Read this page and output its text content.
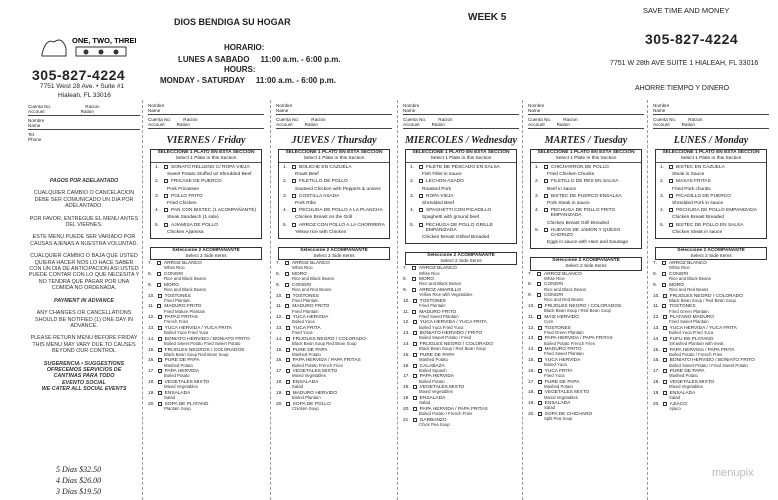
ONE, TWO, THREE
305-827-4224
7751 West 28 Ave. • Suite #1
Hialeah, FL 33016
DIOS BENDIGA SU HOGAR
HORARIO:
LUNES A SABADO     11:00 a.m. - 6:00 p.m.
HOURS:
MONDAY - SATURDAY     11:00 a.m. - 6:00 p.m.
WEEK 5
SAVE TIME AND MONEY
305-827-4224
7751 W 28th AVE SUITE 1 HIALEAH, FL 33016
AHORRE TIEMPO Y DINERO
Cuenta No.	Racion
Account	Ration
Nombre
Name
Tel.
Phone
PAGOS POR ADELANTADO
CUALQUIER CAMBIO O CANCELACION DEBE SER COMUNICADO UN DIA POR ADELANTADO.
POR FAVOR, ENTREGUE EL MENU ANTES DEL VIERNES.
ESTE MENU PUEDE SER VARIADO POR CAUSAS AJENAS A NUESTRA VOLUNTAD.
CUALQUIER CAMBIO O BAJA QUE USTED QUIERA HACER NOS LO HACE SABER CON UN DIA DE ANTICIPACION ASI USTED PUEDE CONTAR CON LO QUE NECESITA Y NO TENDRA QUE PAGAR POR UNA COMIDA NO ORDENADA.
PAYMENT IN ADVANCE
ANY CHANGES OR CANCELLATIONS SHOULD BE NOTIFIED (1) ONE DAY IN ADVANCE.
PLEASE RETURN MENU BEFORE FRIDAY THIS MENU MAY VARY DUE TO CAUSES BEYOND OUR CONTROL
SUGERENCIA • SUGGESTIONS
OFRECEMOS SERVICIOS DE
CANTINAS PARA TODO
EVENTO SOCIAL
WE CATER ALL SOCIAL EVENTS
5 Dias $32.50
4 Dias $26.00
3 Dias $19.50
Nombre
Name
Cuenta No.	Racion
Account	Ration
VIERNES / Friday
SELECCIONE 1 PLATO EN ESTA SECCION
Select 1 Plate in this Section
1.	SONATO RELLENO C/ ROPA VIEJA
Sweet Potato Stuffed w/ Shredded Beef
2.	FRICASE DE PUERCO
Pork Fricassee
3.	POLLO FRITO
Fried Chicken
4.	PAN CON BISTEC (1 ACOMPAÑANTE)
Steak Sandwich (1 side)
5.	AJIAMISA DE POLLO
Chicken Ajiamisa
Seleccione 2 ACOMPAÑANTE
Select 2 Side Items
7.	ARROZ BLANCO
White Rice
8.	CONGRI
Rice and Black Beans
9.	MORO
Rice and Black Beans
10. TOSTONES
Fried Plantain
11. MADURO FRITO
Fried Mature Plantain
12. PAPAS FRITAS
French Fries
13. YUCA HERVIDA / YUCA FRITA
Boiled Yuca Fried Yuca
14. BONIATO HERVIDO / BONIATO FRITO
Boiled Sweet Potato Fried Sweet Potato
15. FRIJOLES NEGROS / COLORADOS
Black Bean Soup Red Bean Soup
16. PURE DE PAPA
Mashed Potato
17. PAPA HERVIDA
Boiled Potato
18. VEGETALES MIXTO
Mixed Vegetables
19. ENSALADA
Salad
20. SOPA DE PLATANO
Plantain Soup
Nombre
Name
Cuenta No.	Racion
Account	Ration
JUEVES / Thursday
SELECCIONE 1 PLATO EN ESTA SECCION
Select 1 Plate in this Section
1.	BOLICHE EN CAZUELA
Roast Beef
2.	FILETILLO DE POLLO
Sauteed Chicken with Peppers & onions
3.	COSTILLA ASADA
Pork Ribs
4.	PECHUGA DE POLLO A LA PLANCHA
Chicken Breast on the Grill
5.	ARROZ CON POLLO A LA CHORRERA
Yellow rice with Chicken
Seleccione 2 ACOMPAÑANTE
Select 2 Side Items
7.	ARROZ BLANCO
White Rice
8.	MORO
Rice and Black Beans
9.	CONGRI
Rice and Red Beans
10. TOSTONES
Fried Plantain
11. MADURO FRITO
Fried Plantain
12. YUCA HERVIDA
Boiled Yuca
13. YUCA FRITA
Fried Yuca
14. FRIJOLES NEGRO / COLORADO
Black Bean Soup Red Bean Soup
15. PURE DE PAPA
Mashed Potato
16. PAPA HERVIDA / PAPA FRITAS
Boiled Potato French Fries
17. VEGETALES MIXTO
Mixed Vegetables
18. ENSALADA
Salad
19. MADURO HERVIDO
Boiled Plantain
20. SOPA DE POLLO
Chicken Soup
Nombre
Name
Cuenta No.	Racion
Account	Ration
MIERCOLES / Wednesday
SELECCIONE 1 PLATO EN ESTA SECCION
Select 1 Plate in this Section
1.	FILETE DE PESCADO EN SALSA
Fish Fillet in sauce
2.	LECHON ASADO
Roasted Pork
3.	ROPA VIEJA
Shredded Beef
4.	SPAGHETTI CON PICADILLO
Spaghetti with ground beef
5.	PECHUGA DE POLLO GRILLE EMPANIZADA
Chicken Breast Grilled Breaded
Seleccione 2 ACOMPAÑANTE
Select 2 Side Items
7.	ARROZ BLANCO
White Rice
8.	MORO
Rice and Black Beans
9.	ARROZ AMARILLO
Yellow Rice with Vegetables
10. TOSTONES
Fried Plantain
11. MADURO FRITO
Fried Sweet Plantain
12. YUCA HERVIDA / YUCA FRITA
Boiled Yuca Fried Yuca
13. BONIATO HERVIDO / FRITO
Boiled Sweet Potato / Fried
14. FRIJOLES NEGRO / COLORADO
Black Bean Soup / Red Bean Soup
15. PURE DE PAPA
Mashed Potato
16. CALABAZA
Boiled Squash
17. PAPA HERVIDA
Boiled Potato
18. VEGETALES MIXTO
Mixed Vegetables
19. ENSALADA
Salad
20. PAPA HERVIDA / PAPA FRITAS
Boiled Potato / French Fries
21. GARBANZO
Chick Pea Soup
Nombre
Name
Cuenta No.	Racion
Account	Ration
MARTES / Tuesday
SELECCIONE 1 PLATO EN ESTA SECCION
Select 1 Plate in this Section
1.	CHICHARRON DE POLLO
Fried Chicken Chunks
2.	FILETILLO DE RES EN SALSA
Beef in sauce
3.	BISTEC DE PUERCO ENSALSA
Pork Steak in sauce
4.	PECHUGA DE POLLO FRITO EMPANIZADA
Chicken Breast Grill Breaded
5.	HUEVOS DE JAMON Y QUESO CHORIZO
Eggs in sauce with Ham and Sausage
Seleccione 2 ACOMPAÑANTE
Select 2 Side Items
7.	ARROZ BLANCO
White Rice
8.	CONGRI
Rice and Black Beans
9.	CONGRI
Rice and Red Beans
10. FRIJOLES NEGRO / COLORADOS
Black Bean Soup / Red Bean Soup
11. MAIZ HERVIDO
Corn
12. TOSTONES
Fried Green Plantain
13. PAPA HERVIDA / PAPA FRITAS
Boiled Potato French Fries
14. MADURO FRITO
Fried Sweet Plantain
15. YUCA HERVIDA
Boiled Yuca
16. YUCA FRITA
Fried Yuca
17. PURE DE PAPA
Mashed Potato
18. VEGETALES MIXTO
Mixed Vegetables
19. ENSALADA
Salad
20. SOPA DE CHICHARO
Split Pea Soup
Nombre
Name
Cuenta No.	Racion
Account	Ration
LUNES / Monday
SELECCIONE 1 PLATO EN ESTA SECCION
Select 1 Plate in this Section
1.	BISTEC EN CAZUELA
Steak in Sauce
2.	MASAS FRITAS
Fried Pork chunks
3.	PICADILLO DE PUERCO
Shredded Pork in sauce
4.	PECHUGA DE POLLO EMPANIZADA
Chicken Breast Breaded
5.	BISTEC DE POLLO EN SALSA
Chicken Steak in sauce
Seleccione 2 ACOMPAÑANTE
Select 2 Side Items
7.	ARROZ BLANCO
White Rice
8.	CONGRI
Rice and Black Beans
9.	MORO
Rice and Red Beans
10. FRIJOLES NEGRO / COLORADO
Black Bean Soup / Red Bean Soup
11. TOSTONES
Fried Green Plantain
12. PLATANO MADURO
Fried Sweet Plantain
13. YUCA HERVIDA / YUCA FRITA
Boiled Yuca Fried Yuca
14. FUFU DE PLATANO
Smashed Plantain with meat
15. PAPA HERVIDA / PAPA FRITA
Boiled Potato / French Fries
16. BONIATO HERVIDO / BONIATO FRITO
Boiled Sweet Potato / Fried Sweet Potato
17. PURE DE PAPA
Mashed Potato
18. VEGETALES MIXTO
Mixed Vegetables
19. ENSALADA
Salad
20. AJIACO
Ajiaco
menupix
